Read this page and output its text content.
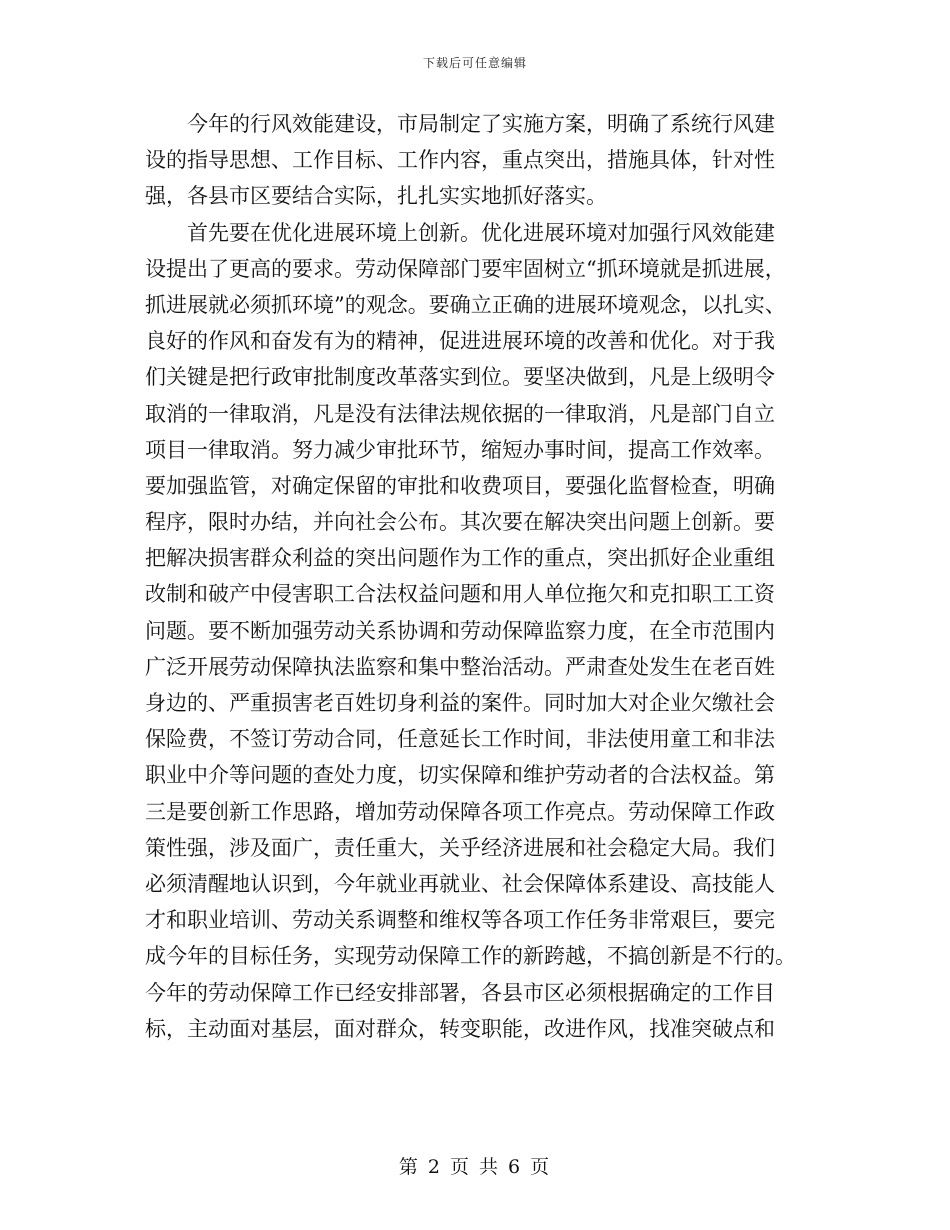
下载后可任意编辑
今年的行风效能建设，市局制定了实施方案，明确了系统行风建
设的指导思想、工作目标、工作内容，重点突出，措施具体，针对性
强，各县市区要结合实际，扎扎实实地抓好落实。
首先要在优化进展环境上创新。优化进展环境对加强行风效能建
设提出了更高的要求。劳动保障部门要牢固树立“抓环境就是抓进展，
抓进展就必须抓环境”的观念。要确立正确的进展环境观念，以扎实、
良好的作风和奋发有为的精神，促进进展环境的改善和优化。对于我
们关键是把行政审批制度改革落实到位。要坚决做到，凡是上级明令
取消的一律取消，凡是没有法律法规依据的一律取消，凡是部门自立
项目一律取消。努力减少审批环节，缩短办事时间，提高工作效率。
要加强监管，对确定保留的审批和收费项目，要强化监督检查，明确
程序，限时办结，并向社会公布。其次要在解决突出问题上创新。要
把解决损害群众利益的突出问题作为工作的重点，突出抓好企业重组
改制和破产中侵害职工合法权益问题和用人单位拖欠和克扣职工工资
问题。要不断加强劳动关系协调和劳动保障监察力度，在全市范围内
广泛开展劳动保障执法监察和集中整治活动。严肃查处发生在老百姓
身边的、严重损害老百姓切身利益的案件。同时加大对企业欠缴社会
保险费，不签订劳动合同，任意延长工作时间，非法使用童工和非法
职业中介等问题的查处力度，切实保障和维护劳动者的合法权益。第
三是要创新工作思路，增加劳动保障各项工作亮点。劳动保障工作政
策性强，涉及面广，责任重大，关乎经济进展和社会稳定大局。我们
必须清醒地认识到，今年就业再就业、社会保障体系建设、高技能人
才和职业培训、劳动关系调整和维权等各项工作任务非常艰巨，要完
成今年的目标任务，实现劳动保障工作的新跨越，不搞创新是不行的。
今年的劳动保障工作已经安排部署，各县市区必须根据确定的工作目
标，主动面对基层，面对群众，转变职能，改进作风，找准突破点和
第 2 页 共 6 页
